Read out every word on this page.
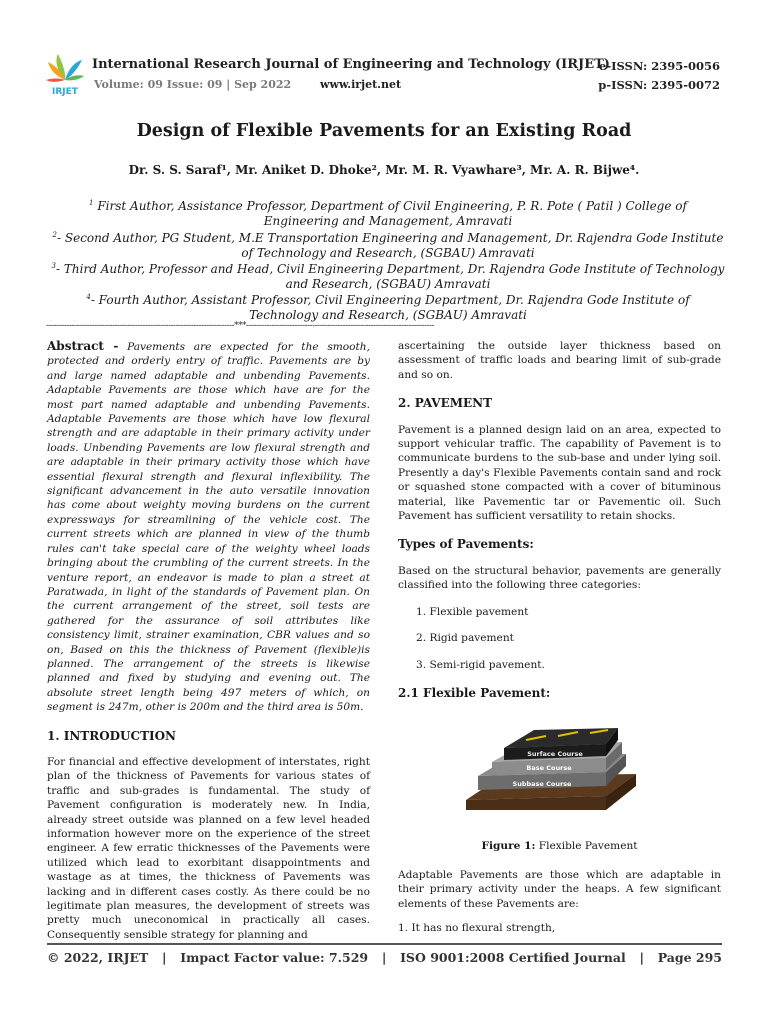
IRJET
International Research Journal of Engineering and Technology (IRJET)
Volume: 09 Issue: 09 | Sep 2022	www.irjet.net
e-ISSN: 2395-0056
p-ISSN: 2395-0072
Design of Flexible Pavements for an Existing Road
Dr. S. S. Saraf¹, Mr. Aniket D. Dhoke², Mr. M. R. Vyawhare³, Mr. A. R. Bijwe⁴.
$^1$ First Author, Assistance Professor, Department of Civil Engineering, P. R. Pote ( Patil ) College of Engineering and Management, Amravati
$^2$- Second Author, PG Student, M.E Transportation Engineering and Management, Dr. Rajendra Gode Institute of Technology and Research, (SGBAU) Amravati
$^3$- Third Author, Professor and Head, Civil Engineering Department, Dr. Rajendra Gode Institute of Technology and Research, (SGBAU) Amravati
$^4$- Fourth Author, Assistant Professor, Civil Engineering Department, Dr. Rajendra Gode Institute of Technology and Research, (SGBAU) Amravati
--------------------------------------------------------------------------***--------------------------------------------------------------------------

Abstract - Pavements are expected for the smooth, protected and orderly entry of traffic. Pavements are by and large named adaptable and unbending Pavements. Adaptable Pavements are those which have are for the most part named adaptable and unbending Pavements. Adaptable Pavements are those which have low flexural strength and are adaptable in their primary activity under loads. Unbending Pavements are low flexural strength and are adaptable in their primary activity those which have essential flexural strength and flexural inflexibility. The significant advancement in the auto versatile innovation has come about weighty moving burdens on the current expressways for streamlining of the vehicle cost. The current streets which are planned in view of the thumb rules can't take special care of the weighty wheel loads bringing about the crumbling of the current streets. In the venture report, an endeavor is made to plan a street at Paratwada, in light of the standards of Pavement plan. On the current arrangement of the street, soil tests are gathered for the assurance of soil attributes like consistency limit, strainer examination, CBR values and so on, Based on this the thickness of Pavement (flexible)is planned. The arrangement of the streets is likewise planned and fixed by studying and evening out. The absolute street length being 497 meters of which, on segment is 247m, other is 200m and the third area is 50m.

1. INTRODUCTION

For financial and effective development of interstates, right plan of the thickness of Pavements for various states of traffic and sub-grades is fundamental. The study of Pavement configuration is moderately new. In India, already street outside was planned on a few level headed information however more on the experience of the street engineer. A few erratic thicknesses of the Pavements were utilized which lead to exorbitant disappointments and wastage as at times, the thickness of Pavements was lacking and in different cases costly. As there could be no legitimate plan measures, the development of streets was pretty much uneconomical in practically all cases. Consequently sensible strategy for planning and

ascertaining the outside layer thickness based on assessment of traffic loads and bearing limit of sub-grade and so on.

2. PAVEMENT

Pavement is a planned design laid on an area, expected to support vehicular traffic. The capability of Pavement is to communicate burdens to the sub-base and under lying soil. Presently a day's Flexible Pavements contain sand and rock or squashed stone compacted with a cover of bituminous material, like Pavementic tar or Pavementic oil. Such Pavement has sufficient versatility to retain shocks.

Types of Pavements:

Based on the structural behavior, pavements are generally classified into the following three categories:

1. Flexible pavement
2. Rigid pavement
3. Semi-rigid pavement.
2.1 Flexible Pavement:
Surface Course
Base Course
Subbase Course
Figure 1: Flexible Pavement

Adaptable Pavements are those which are adaptable in their primary activity under the heaps. A few significant elements of these Pavements are:

1. It has no flexural strength,
© 2022, IRJET | Impact Factor value: 7.529 | ISO 9001:2008 Certified Journal | Page 295
